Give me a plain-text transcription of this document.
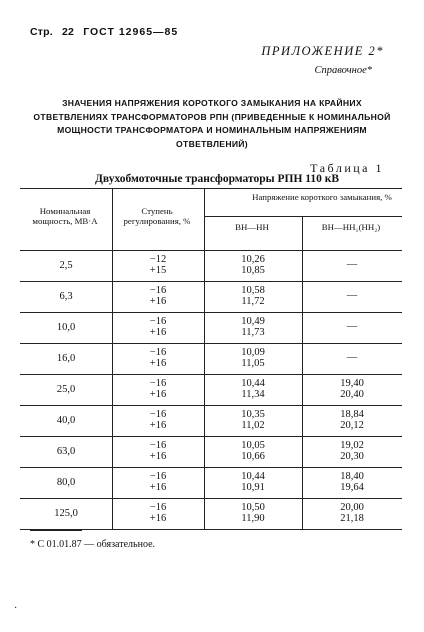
Стр. 22 ГОСТ 12965—85
ПРИЛОЖЕНИЕ 2*
Справочное*
ЗНАЧЕНИЯ НАПРЯЖЕНИЯ КОРОТКОГО ЗАМЫКАНИЯ НА КРАЙНИХ
ОТВЕТВЛЕНИЯХ ТРАНСФОРМАТОРОВ РПН (ПРИВЕДЕННЫЕ К НОМИНАЛЬНОЙ
МОЩНОСТИ ТРАНСФОРМАТОРА И НОМИНАЛЬНЫМ НАПРЯЖЕНИЯМ
ОТВЕТВЛЕНИЙ)
Таблица 1
Двухобмоточные трансформаторы РПН 110 кВ
Номинальная мощность, МВ·А
Ступень регулирования, %
Напряжение короткого замыкания, %
ВН—НН	ВН—НН₁(НН₂)
2,5
−12
+15
10,26
10,85
—
6,3
−16
+16
10,58
11,72
—
10,0
−16
+16
10,49
11,73
—
16,0
−16
+16
10,09
11,05
—
25,0
−16
+16
10,44
11,34
19,40
20,40
40,0
−16
+16
10,35
11,02
18,84
20,12
63,0
−16
+16
10,05
10,66
19,02
20,30
80,0
−16
+16
10,44
10,91
18,40
19,64
125,0
−16
+16
10,50
11,90
20,00
21,18
* С 01.01.87 — обязательное.
·
